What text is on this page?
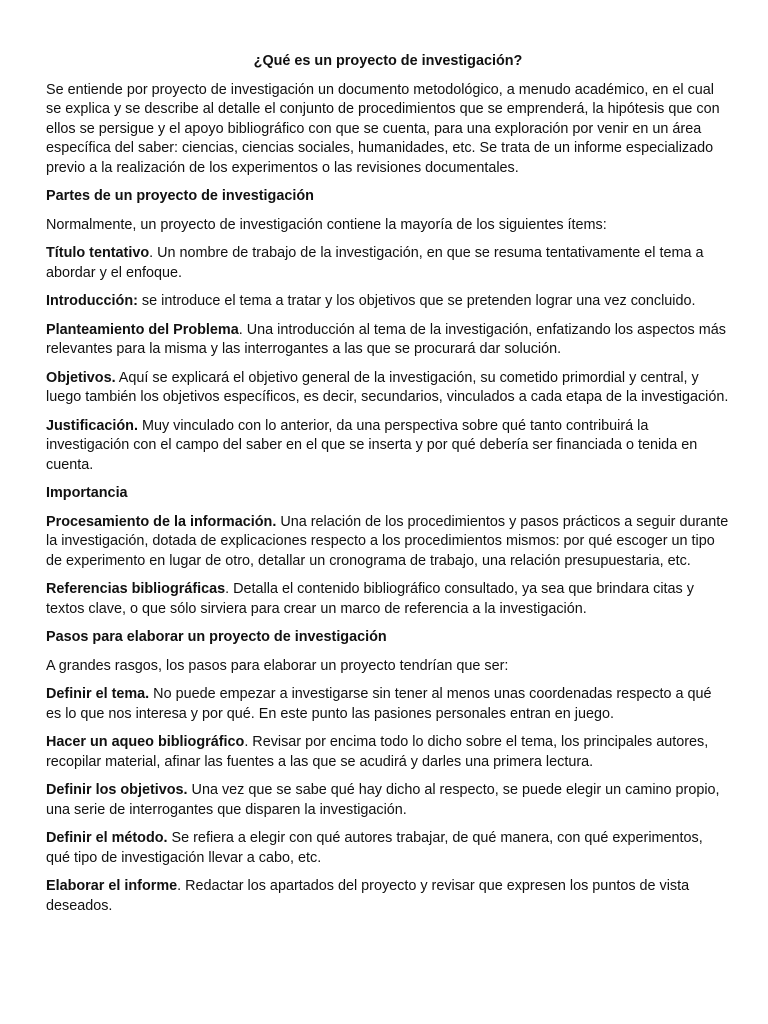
¿Qué es un proyecto de investigación?

Se entiende por proyecto de investigación un documento metodológico, a menudo académico, en el cual se explica y se describe al detalle el conjunto de procedimientos que se emprenderá, la hipótesis que con ellos se persigue y el apoyo bibliográfico con que se cuenta, para una exploración por venir en un área específica del saber: ciencias, ciencias sociales, humanidades, etc. Se trata de un informe especializado previo a la realización de los experimentos o las revisiones documentales.

Partes de un proyecto de investigación

Normalmente, un proyecto de investigación contiene la mayoría de los siguientes ítems:

Título tentativo. Un nombre de trabajo de la investigación, en que se resuma tentativamente el tema a abordar y el enfoque.

Introducción: se introduce el tema a tratar y los objetivos que se pretenden lograr una vez concluido.

Planteamiento del Problema. Una introducción al tema de la investigación, enfatizando los aspectos más relevantes para la misma y las interrogantes a las que se procurará dar solución.

Objetivos. Aquí se explicará el objetivo general de la investigación, su cometido primordial y central, y luego también los objetivos específicos, es decir, secundarios, vinculados a cada etapa de la investigación.

Justificación. Muy vinculado con lo anterior, da una perspectiva sobre qué tanto contribuirá la investigación con el campo del saber en el que se inserta y por qué debería ser financiada o tenida en cuenta.

Importancia

Procesamiento de la información. Una relación de los procedimientos y pasos prácticos a seguir durante la investigación, dotada de explicaciones respecto a los procedimientos mismos: por qué escoger un tipo de experimento en lugar de otro, detallar un cronograma de trabajo, una relación presupuestaria, etc.

Referencias bibliográficas. Detalla el contenido bibliográfico consultado, ya sea que brindara citas y textos clave, o que sólo sirviera para crear un marco de referencia a la investigación.

Pasos para elaborar un proyecto de investigación

A grandes rasgos, los pasos para elaborar un proyecto tendrían que ser:

Definir el tema. No puede empezar a investigarse sin tener al menos unas coordenadas respecto a qué es lo que nos interesa y por qué. En este punto las pasiones personales entran en juego.

Hacer un aqueo bibliográfico. Revisar por encima todo lo dicho sobre el tema, los principales autores, recopilar material, afinar las fuentes a las que se acudirá y darles una primera lectura.

Definir los objetivos. Una vez que se sabe qué hay dicho al respecto, se puede elegir un camino propio, una serie de interrogantes que disparen la investigación.

Definir el método. Se refiera a elegir con qué autores trabajar, de qué manera, con qué experimentos, qué tipo de investigación llevar a cabo, etc.

Elaborar el informe. Redactar los apartados del proyecto y revisar que expresen los puntos de vista deseados.
